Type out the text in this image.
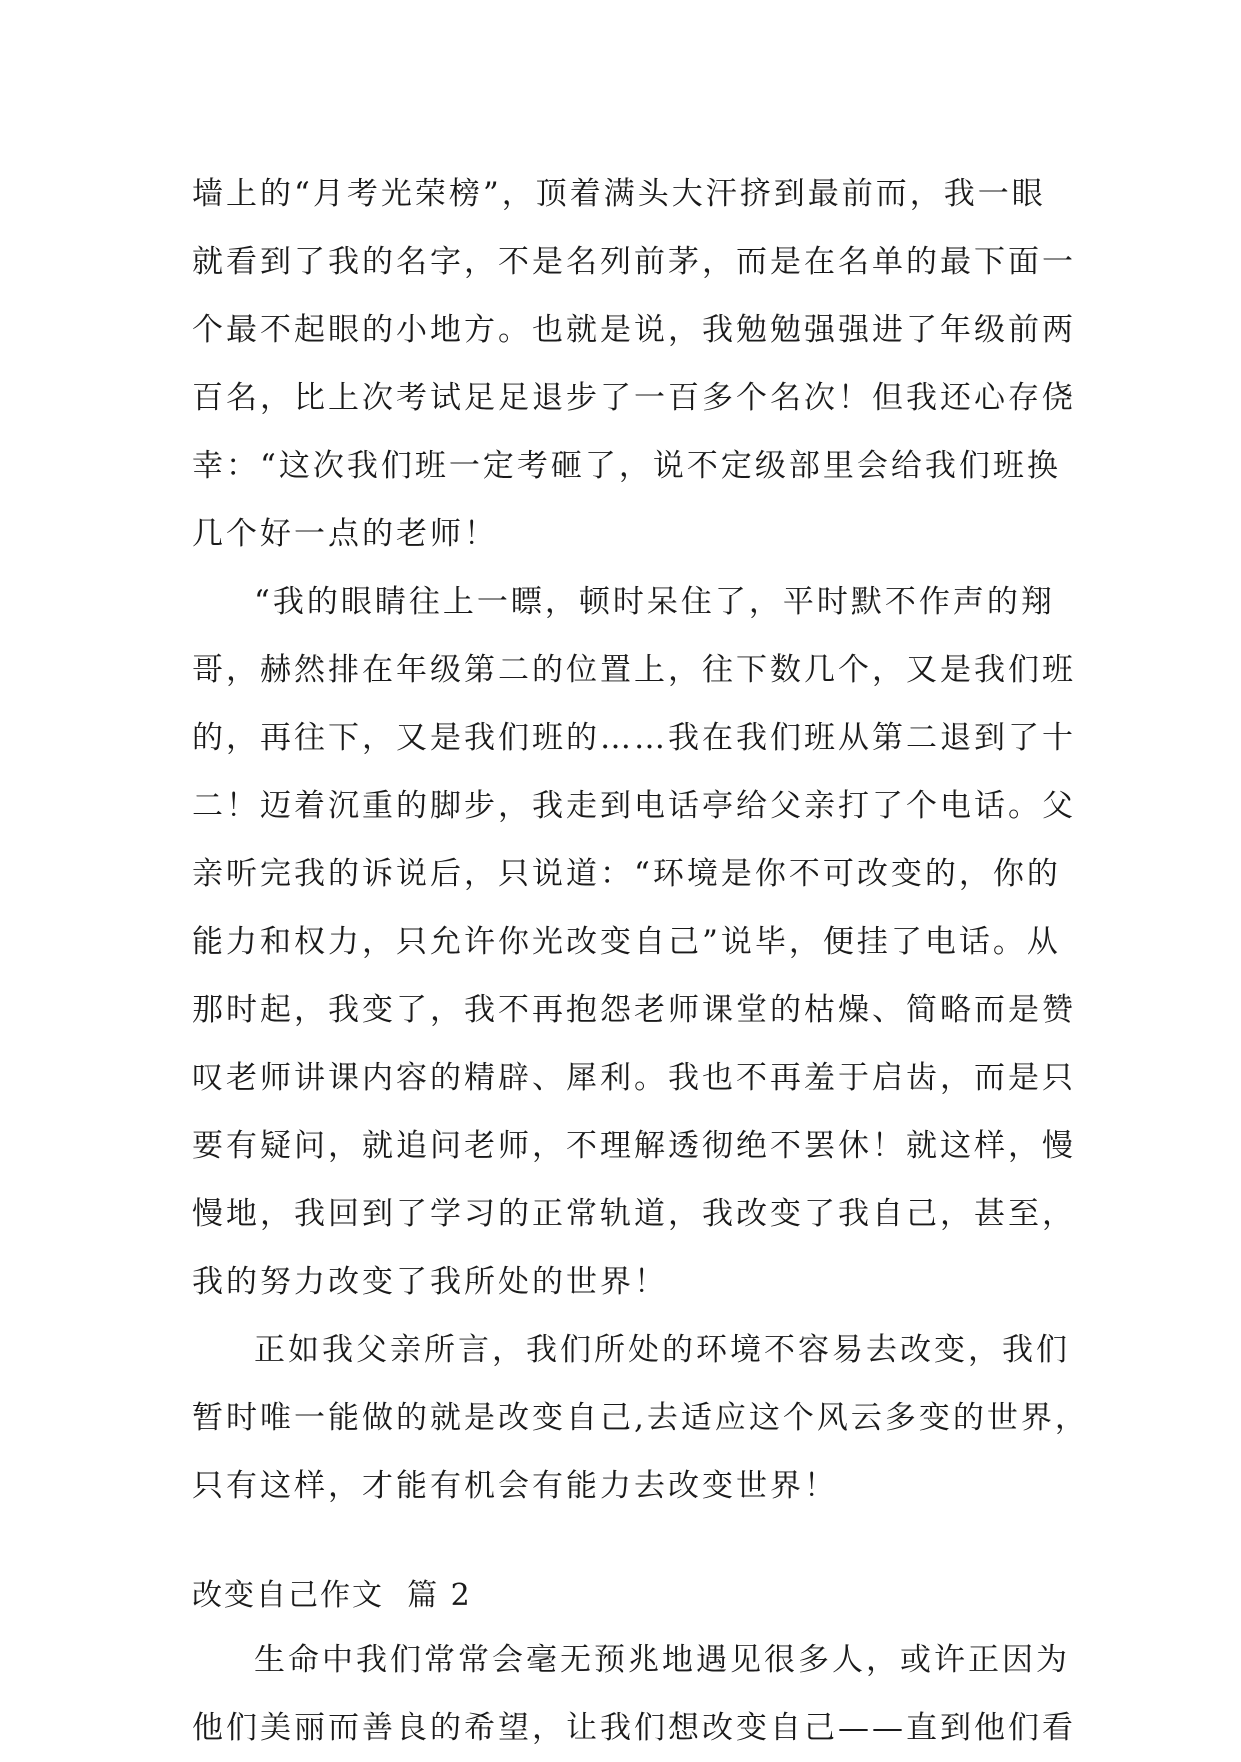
墙上的“月考光荣榜”，顶着满头大汗挤到最前而，我一眼
就看到了我的名字，不是名列前茅，而是在名单的最下面一
个最不起眼的小地方。也就是说，我勉勉强强进了年级前两
百名，比上次考试足足退步了一百多个名次！但我还心存侥
幸：“这次我们班一定考砸了，说不定级部里会给我们班换
几个好一点的老师！
“我的眼睛往上一瞟，顿时呆住了，平时默不作声的翔
哥，赫然排在年级第二的位置上，往下数几个，又是我们班
的，再往下，又是我们班的……我在我们班从第二退到了十
二！迈着沉重的脚步，我走到电话亭给父亲打了个电话。父
亲听完我的诉说后，只说道：“环境是你不可改变的，你的
能力和权力，只允许你光改变自己”说毕，便挂了电话。从
那时起，我变了，我不再抱怨老师课堂的枯燥、简略而是赞
叹老师讲课内容的精辟、犀利。我也不再羞于启齿，而是只
要有疑问，就追问老师，不理解透彻绝不罢休！就这样，慢
慢地，我回到了学习的正常轨道，我改变了我自己，甚至，
我的努力改变了我所处的世界！
正如我父亲所言，我们所处的环境不容易去改变，我们
暂时唯一能做的就是改变自己,去适应这个风云多变的世界，
只有这样，才能有机会有能力去改变世界！
改变自己作文  篇 2
生命中我们常常会毫无预兆地遇见很多人，或许正因为
他们美丽而善良的希望，让我们想改变自己——直到他们看
